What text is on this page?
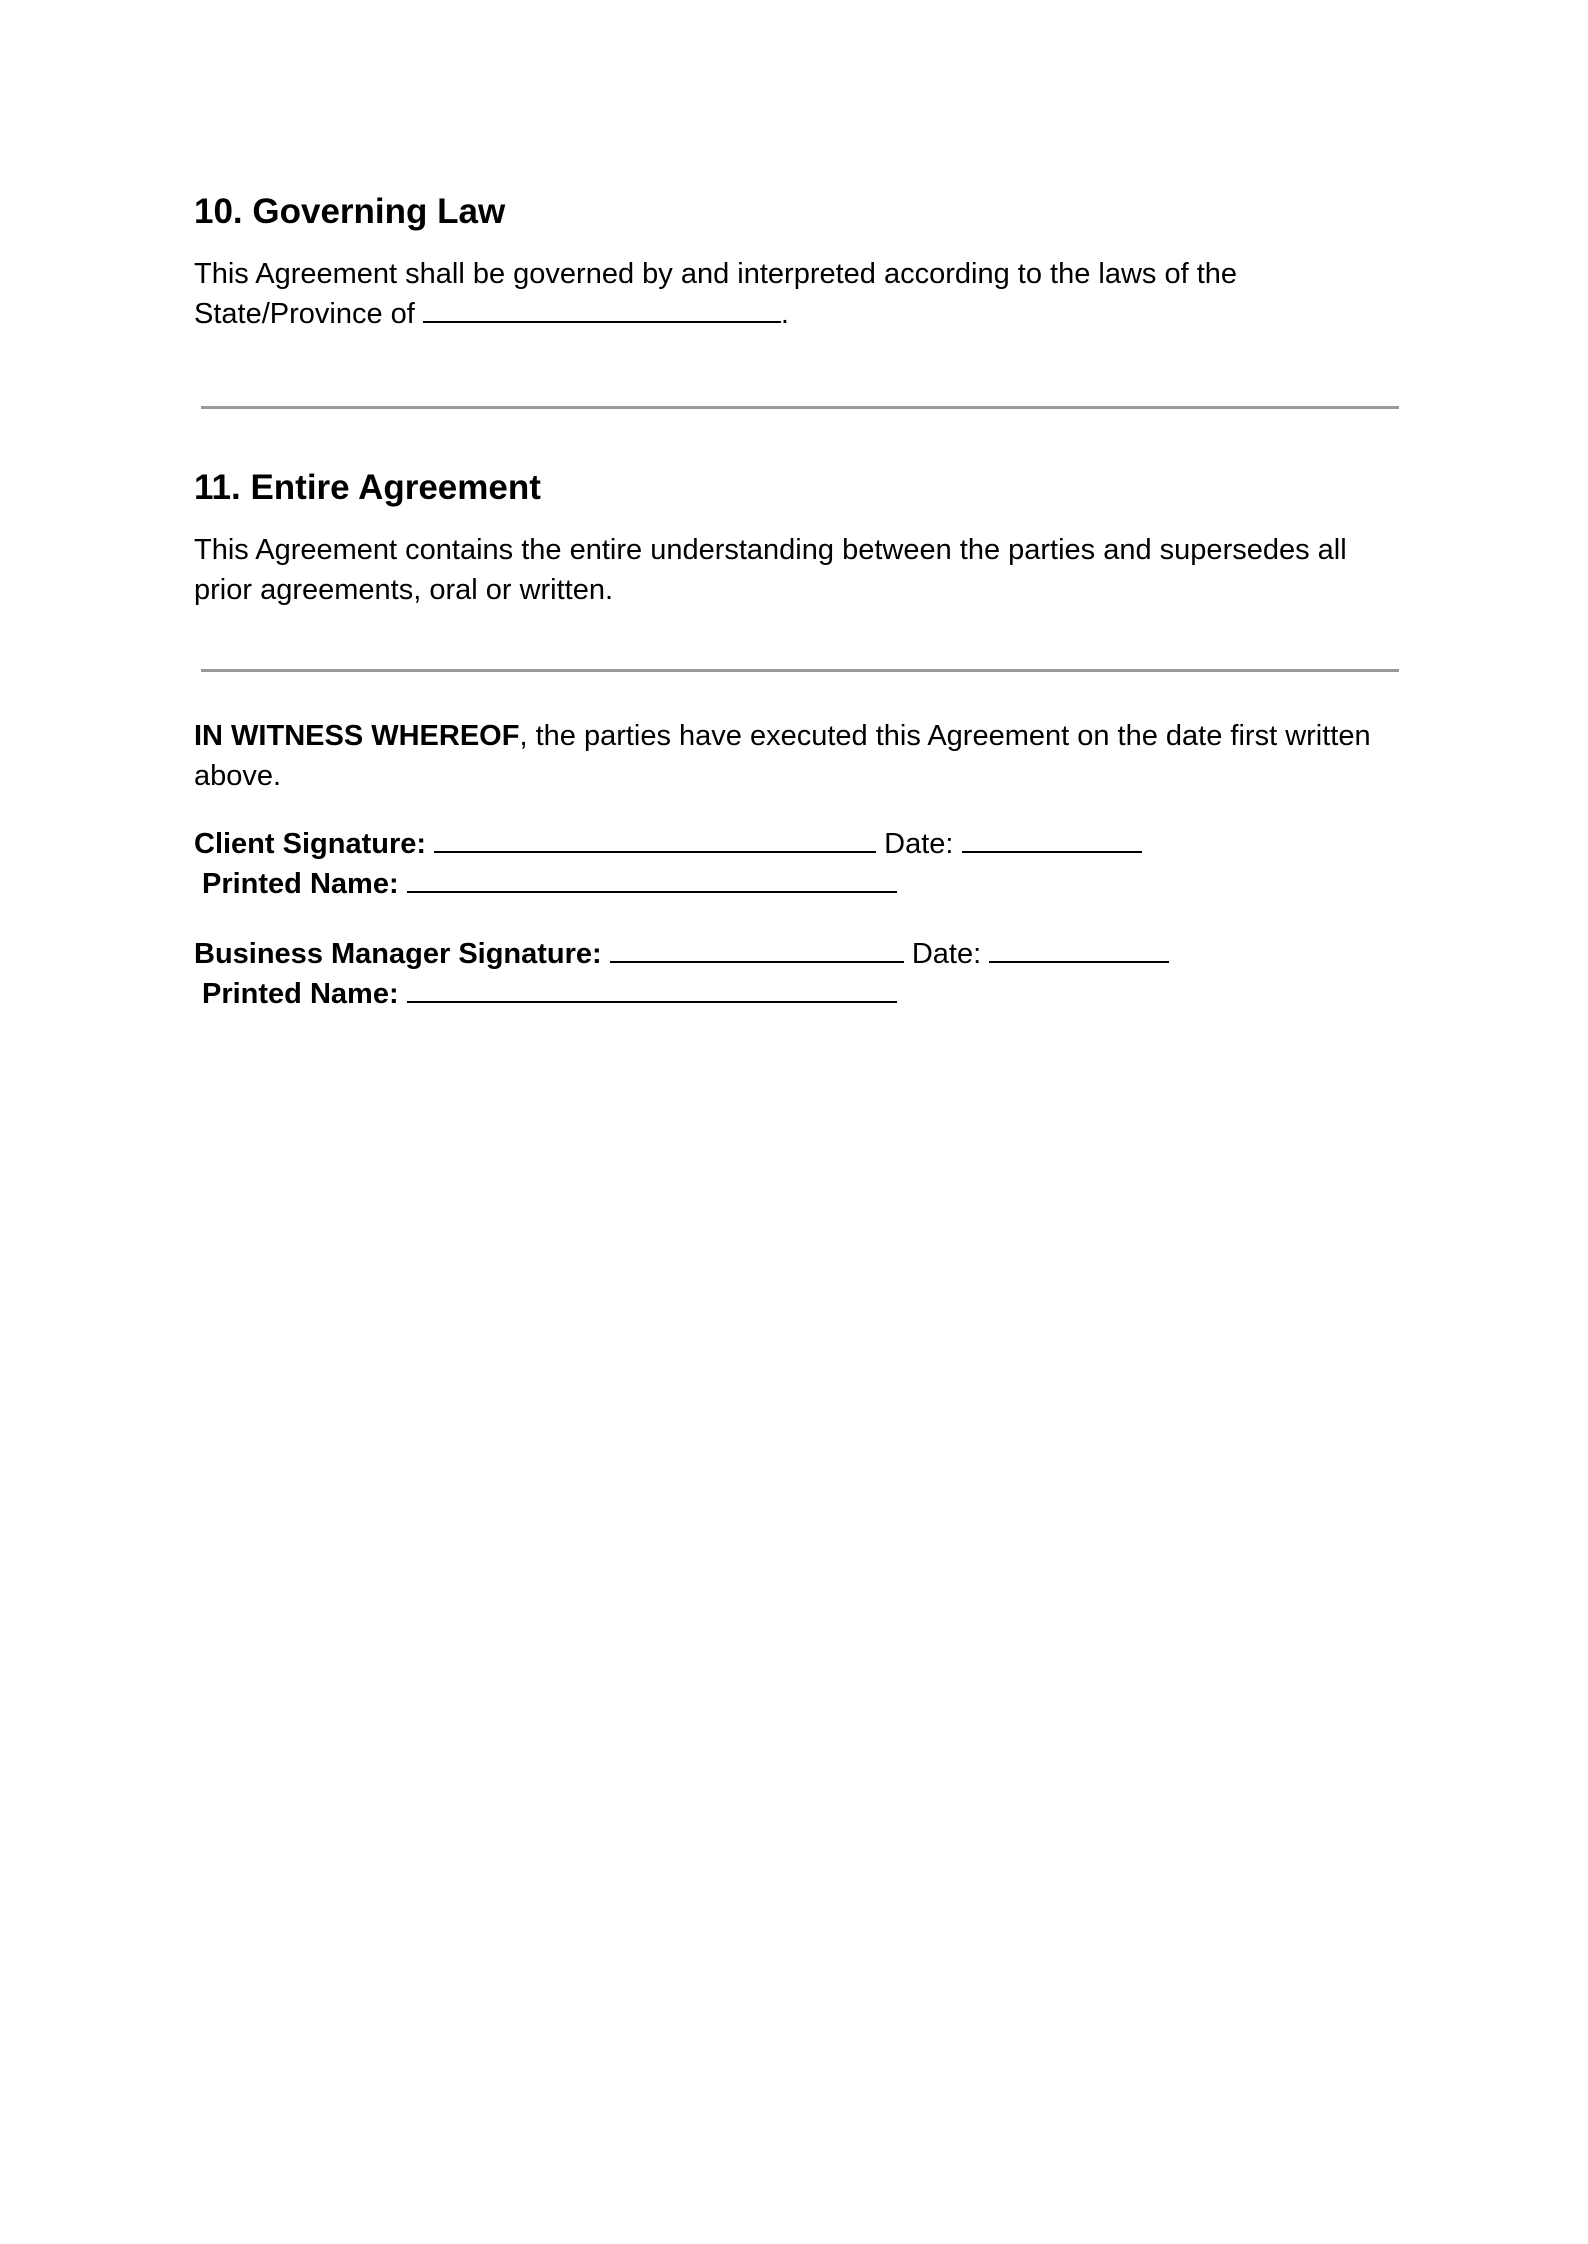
10. Governing Law

This Agreement shall be governed by and interpreted according to the laws of the State/Province of	.

11. Entire Agreement

This Agreement contains the entire understanding between the parties and supersedes all prior agreements, oral or written.

IN WITNESS WHEREOF, the parties have executed this Agreement on the date first written above.

Client Signature:	Date:

Printed Name:

Business Manager Signature:	Date:

Printed Name:
